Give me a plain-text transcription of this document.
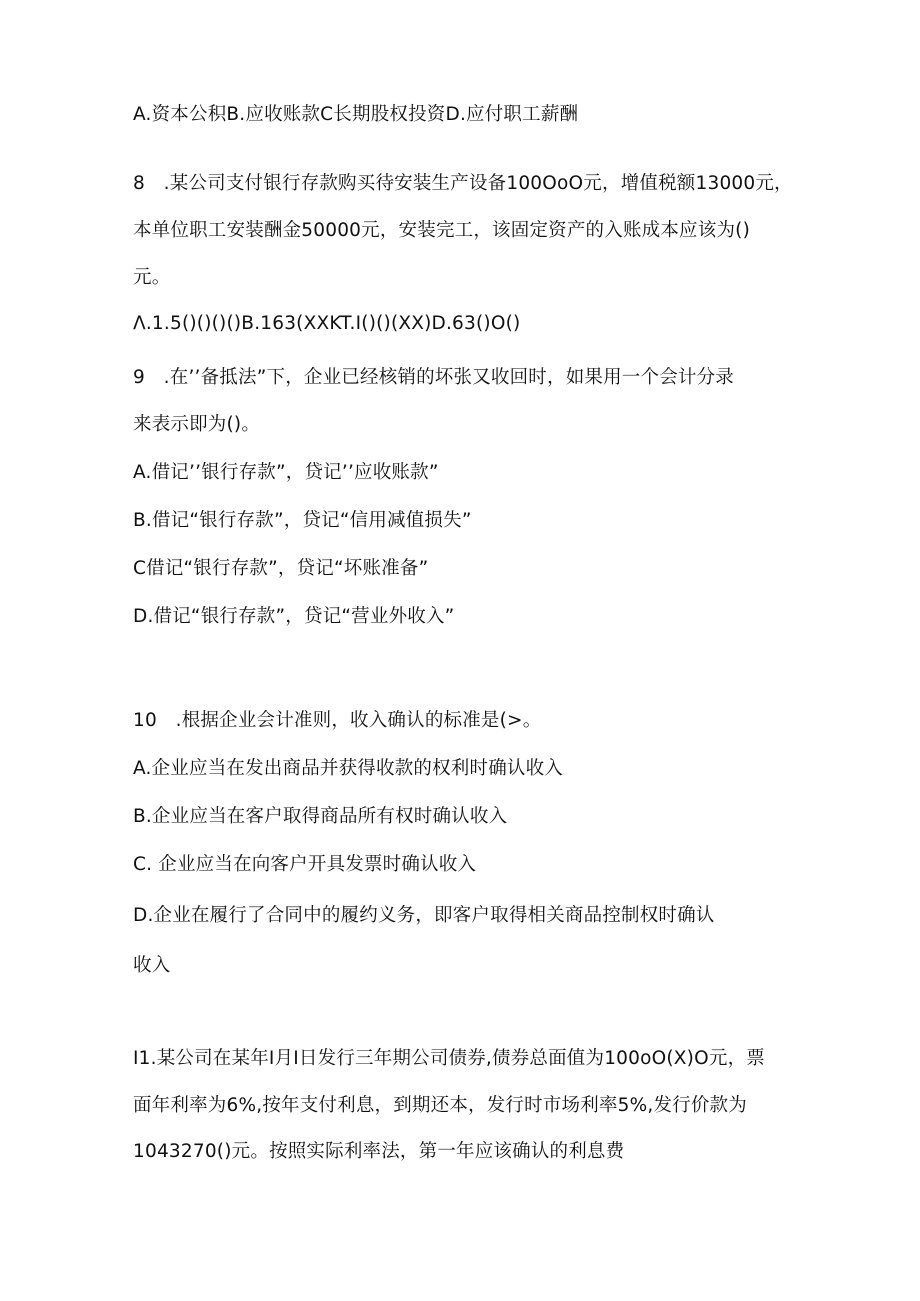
A.资本公积B.应收账款C长期股权投资D.应付职工薪酬
8　.某公司支付银行存款购买待安装生产设备100OoO元，增值税额13000元，
本单位职工安装酬金50000元，安装完工，该固定资产的入账成本应该为()
元。
Λ.1.5()()()()B.163(XXKT.I()()(XX)D.63()O()
9　.在’’备抵法”下，企业已经核销的坏张又收回时，如果用一个会计分录
来表示即为()。
A.借记’’银行存款”，贷记’’应收账款”
B.借记“银行存款”，贷记“信用减值损失”
C借记“银行存款”，贷记“坏账准备”
D.借记“银行存款”，贷记“营业外收入”
10　.根据企业会计准则，收入确认的标准是(>。
A.企业应当在发出商品并获得收款的权利时确认收入
B.企业应当在客户取得商品所有权时确认收入
C. 企业应当在向客户开具发票时确认收入
D.企业在履行了合同中的履约义务，即客户取得相关商品控制权时确认
收入
I1.某公司在某年I月I日发行三年期公司债券,债券总面值为100oO(X)O元，票
面年利率为6%,按年支付利息，到期还本，发行时市场利率5%,发行价款为
1043270()元。按照实际利率法，第一年应该确认的利息费
